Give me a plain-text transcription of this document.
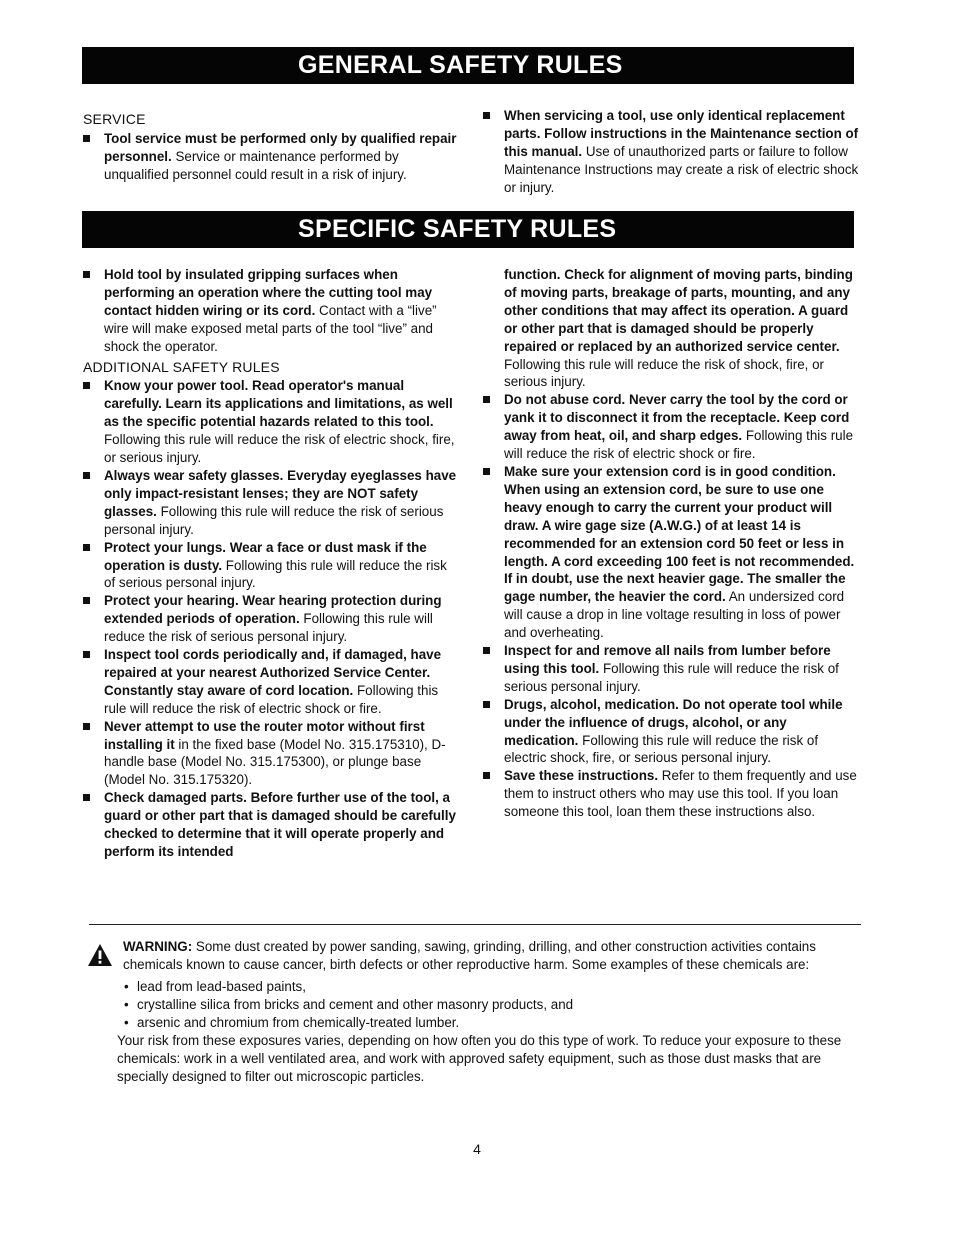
GENERAL SAFETY RULES
SPECIFIC SAFETY RULES
SERVICE
Tool service must be performed only by qualified repair personnel. Service or maintenance performed by unqualified personnel could result in a risk of injury.
When servicing a tool, use only identical replacement parts. Follow instructions in the Maintenance section of this manual. Use of unauthorized parts or failure to follow Maintenance Instructions may create a risk of electric shock or injury.
Hold tool by insulated gripping surfaces when performing an operation where the cutting tool may contact hidden wiring or its cord. Contact with a “live” wire will make exposed metal parts of the tool “live” and shock the operator.
ADDITIONAL SAFETY RULES
Know your power tool. Read operator's manual carefully. Learn its applications and limitations, as well as the specific potential hazards related to this tool. Following this rule will reduce the risk of electric shock, fire, or serious injury.
Always wear safety glasses. Everyday eyeglasses have only impact-resistant lenses; they are NOT safety glasses. Following this rule will reduce the risk of serious personal injury.
Protect your lungs. Wear a face or dust mask if the operation is dusty. Following this rule will reduce the risk of serious personal injury.
Protect your hearing. Wear hearing protection during extended periods of operation. Following this rule will reduce the risk of serious personal injury.
Inspect tool cords periodically and, if damaged, have repaired at your nearest Authorized Service Center. Constantly stay aware of cord location. Following this rule will reduce the risk of electric shock or fire.
Never attempt to use the router motor without first installing it in the fixed base (Model No. 315.175310), D-handle base (Model No. 315.175300), or plunge base (Model No. 315.175320).
Check damaged parts. Before further use of the tool, a guard or other part that is damaged should be carefully checked to determine that it will operate properly and perform its intended
function. Check for alignment of moving parts, binding of moving parts, breakage of parts, mounting, and any other conditions that may affect its operation. A guard or other part that is damaged should be properly repaired or replaced by an authorized service center. Following this rule will reduce the risk of shock, fire, or serious injury.
Do not abuse cord. Never carry the tool by the cord or yank it to disconnect it from the receptacle. Keep cord away from heat, oil, and sharp edges. Following this rule will reduce the risk of electric shock or fire.
Make sure your extension cord is in good condition. When using an extension cord, be sure to use one heavy enough to carry the current your product will draw. A wire gage size (A.W.G.) of at least 14 is recommended for an extension cord 50 feet or less in length. A cord exceeding 100 feet is not recommended. If in doubt, use the next heavier gage. The smaller the gage number, the heavier the cord. An undersized cord will cause a drop in line voltage resulting in loss of power and overheating.
Inspect for and remove all nails from lumber before using this tool. Following this rule will reduce the risk of serious personal injury.
Drugs, alcohol, medication. Do not operate tool while under the influence of drugs, alcohol, or any medication. Following this rule will reduce the risk of electric shock, fire, or serious personal injury.
Save these instructions. Refer to them frequently and use them to instruct others who may use this tool. If you loan someone this tool, loan them these instructions also.
WARNING: Some dust created by power sanding, sawing, grinding, drilling, and other construction activities contains chemicals known to cause cancer, birth defects or other reproductive harm. Some examples of these chemicals are:
• lead from lead-based paints,
• crystalline silica from bricks and cement and other masonry products, and
• arsenic and chromium from chemically-treated lumber.
Your risk from these exposures varies, depending on how often you do this type of work. To reduce your exposure to these chemicals: work in a well ventilated area, and work with approved safety equipment, such as those dust masks that are specially designed to filter out microscopic particles.
4
